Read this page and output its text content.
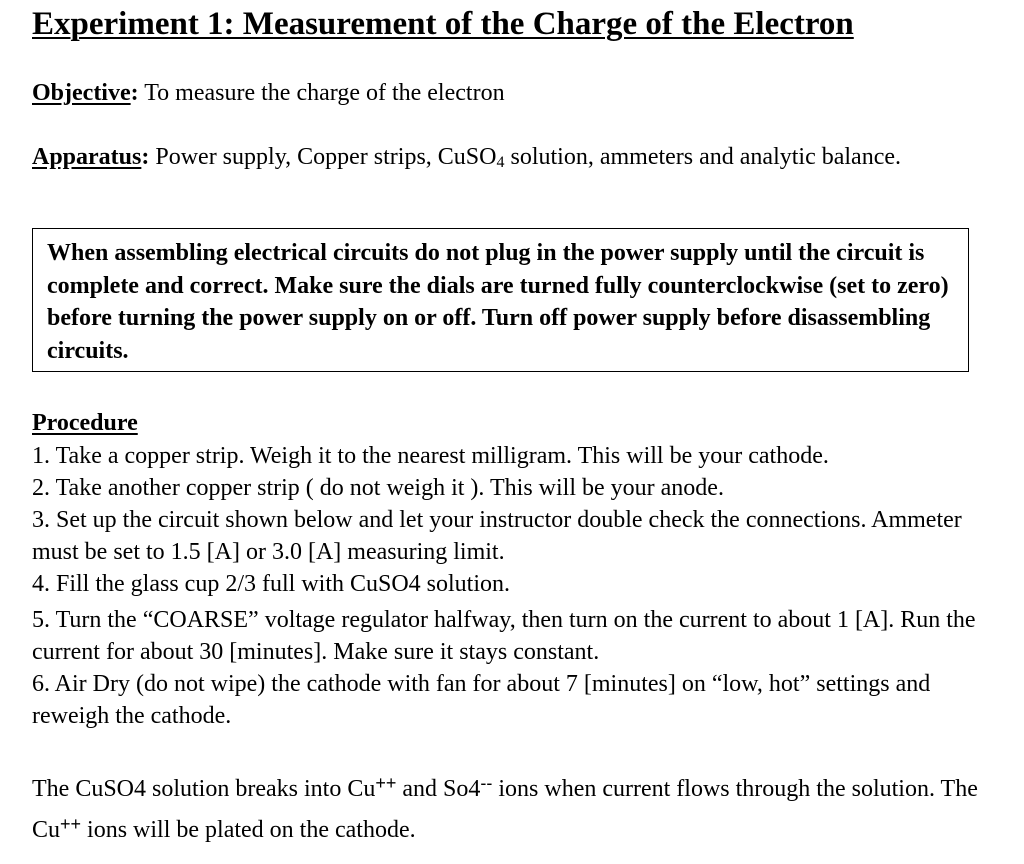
Experiment 1: Measurement of the Charge of the Electron
Objective: To measure the charge of the electron
Apparatus: Power supply, Copper strips, CuSO$_4$ solution, ammeters and analytic balance.
When assembling electrical circuits do not plug in the power supply until the circuit is complete and correct. Make sure the dials are turned fully counterclockwise (set to zero) before turning the power supply on or off. Turn off power supply before disassembling circuits.
Procedure

1. Take a copper strip. Weigh it to the nearest milligram. This will be your cathode.

2. Take another copper strip ( do not weigh it ). This will be your anode.

3. Set up the circuit shown below and let your instructor double check the connections. Ammeter must be set to 1.5 [A] or 3.0 [A] measuring limit.

4. Fill the glass cup 2/3 full with CuSO4 solution.

5. Turn the “COARSE” voltage regulator halfway, then turn on the current to about 1 [A]. Run the current for about 30 [minutes]. Make sure it stays constant.

6. Air Dry (do not wipe) the cathode with fan for about 7 [minutes] on “low, hot” settings and reweigh the cathode.

The CuSO4 solution breaks into Cu++ and So4-- ions when current flows through the solution. The Cu++ ions will be plated on the cathode.
